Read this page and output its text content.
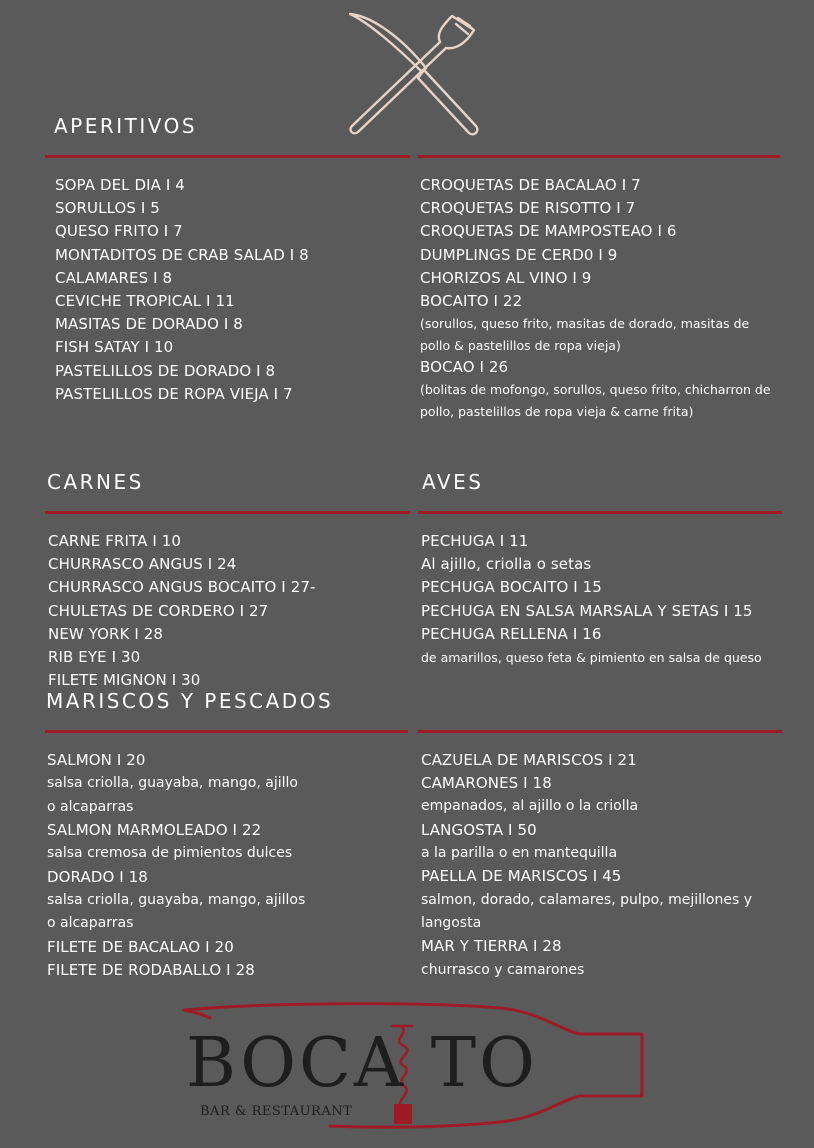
APERITIVOS
SOPA DEL DIA I 4
SORULLOS I 5
QUESO FRITO I 7
MONTADITOS DE CRAB SALAD I 8
CALAMARES I 8
CEVICHE TROPICAL I 11
MASITAS DE DORADO I 8
FISH SATAY I 10
PASTELILLOS DE DORADO I 8
PASTELILLOS DE ROPA VIEJA I 7
CROQUETAS DE BACALAO I 7
CROQUETAS DE RISOTTO I 7
CROQUETAS DE MAMPOSTEAO I 6
DUMPLINGS DE CERD0 I 9
CHORIZOS AL VINO I 9
BOCAITO I 22
(sorullos, queso frito, masitas de dorado, masitas de
pollo & pastelillos de ropa vieja)
BOCAO I 26
(bolitas de mofongo, sorullos, queso frito, chicharron de
pollo, pastelillos de ropa vieja & carne frita)
CARNES
CARNE FRITA I 10
CHURRASCO ANGUS I 24
CHURRASCO ANGUS BOCAITO I 27-
CHULETAS DE CORDERO I 27
NEW YORK I 28
RIB EYE I 30
FILETE MIGNON I 30
AVES
PECHUGA I 11
Al ajillo, criolla o setas
PECHUGA BOCAITO I 15
PECHUGA EN SALSA MARSALA Y SETAS I 15
PECHUGA RELLENA I 16
de amarillos, queso feta & pimiento en salsa de queso
MARISCOS Y PESCADOS
SALMON I 20
salsa criolla, guayaba, mango, ajillo
o alcaparras
SALMON MARMOLEADO I 22
salsa cremosa de pimientos dulces
DORADO I 18
salsa criolla, guayaba, mango, ajillos
o alcaparras
FILETE DE BACALAO I 20
FILETE DE RODABALLO I 28
CAZUELA DE MARISCOS I 21
CAMARONES I 18
empanados, al ajillo o la criolla
LANGOSTA I 50
a la parilla o en mantequilla
PAELLA DE MARISCOS I 45
salmon, dorado, calamares, pulpo, mejillones y
langosta
MAR Y TIERRA I 28
churrasco y camarones
BOCA TO
BAR & RESTAURANT
